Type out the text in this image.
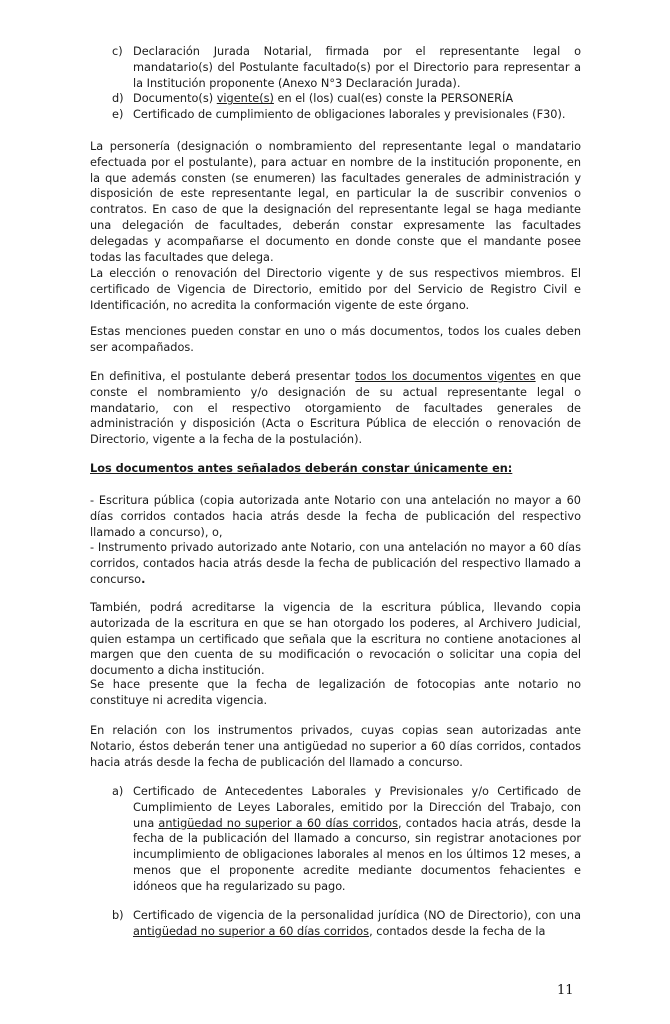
c) Declaración Jurada Notarial, firmada por el representante legal o mandatario(s) del Postulante facultado(s) por el Directorio para representar a la Institución proponente (Anexo N°3 Declaración Jurada).
d) Documento(s) vigente(s) en el (los) cual(es) conste la PERSONERÍA
e) Certificado de cumplimiento de obligaciones laborales y previsionales (F30).

La personería (designación o nombramiento del representante legal o mandatario efectuada por el postulante), para actuar en nombre de la institución proponente, en la que además consten (se enumeren) las facultades generales de administración y disposición de este representante legal, en particular la de suscribir convenios o contratos. En caso de que la designación del representante legal se haga mediante una delegación de facultades, deberán constar expresamente las facultades delegadas y acompañarse el documento en donde conste que el mandante posee todas las facultades que delega.

La elección o renovación del Directorio vigente y de sus respectivos miembros. El certificado de Vigencia de Directorio, emitido por del Servicio de Registro Civil e Identificación, no acredita la conformación vigente de este órgano.

Estas menciones pueden constar en uno o más documentos, todos los cuales deben ser acompañados.

En definitiva, el postulante deberá presentar todos los documentos vigentes en que conste el nombramiento y/o designación de su actual representante legal o mandatario, con el respectivo otorgamiento de facultades generales de administración y disposición (Acta o Escritura Pública de elección o renovación de Directorio, vigente a la fecha de la postulación).

Los documentos antes señalados deberán constar únicamente en:

- Escritura pública (copia autorizada ante Notario con una antelación no mayor a 60 días corridos contados hacia atrás desde la fecha de publicación del respectivo llamado a concurso), o,

- Instrumento privado autorizado ante Notario, con una antelación no mayor a 60 días corridos, contados hacia atrás desde la fecha de publicación del respectivo llamado a concurso.

También, podrá acreditarse la vigencia de la escritura pública, llevando copia autorizada de la escritura en que se han otorgado los poderes, al Archivero Judicial, quien estampa un certificado que señala que la escritura no contiene anotaciones al margen que den cuenta de su modificación o revocación o solicitar una copia del documento a dicha institución.

Se hace presente que la fecha de legalización de fotocopias ante notario no constituye ni acredita vigencia.

En relación con los instrumentos privados, cuyas copias sean autorizadas ante Notario, éstos deberán tener una antigüedad no superior a 60 días corridos, contados hacia atrás desde la fecha de publicación del llamado a concurso.

a) Certificado de Antecedentes Laborales y Previsionales y/o Certificado de Cumplimiento de Leyes Laborales, emitido por la Dirección del Trabajo, con una antigüedad no superior a 60 días corridos, contados hacia atrás, desde la fecha de la publicación del llamado a concurso, sin registrar anotaciones por incumplimiento de obligaciones laborales al menos en los últimos 12 meses, a menos que el proponente acredite mediante documentos fehacientes e idóneos que ha regularizado su pago.
b) Certificado de vigencia de la personalidad jurídica (NO de Directorio), con una antigüedad no superior a 60 días corridos, contados desde la fecha de la
11
